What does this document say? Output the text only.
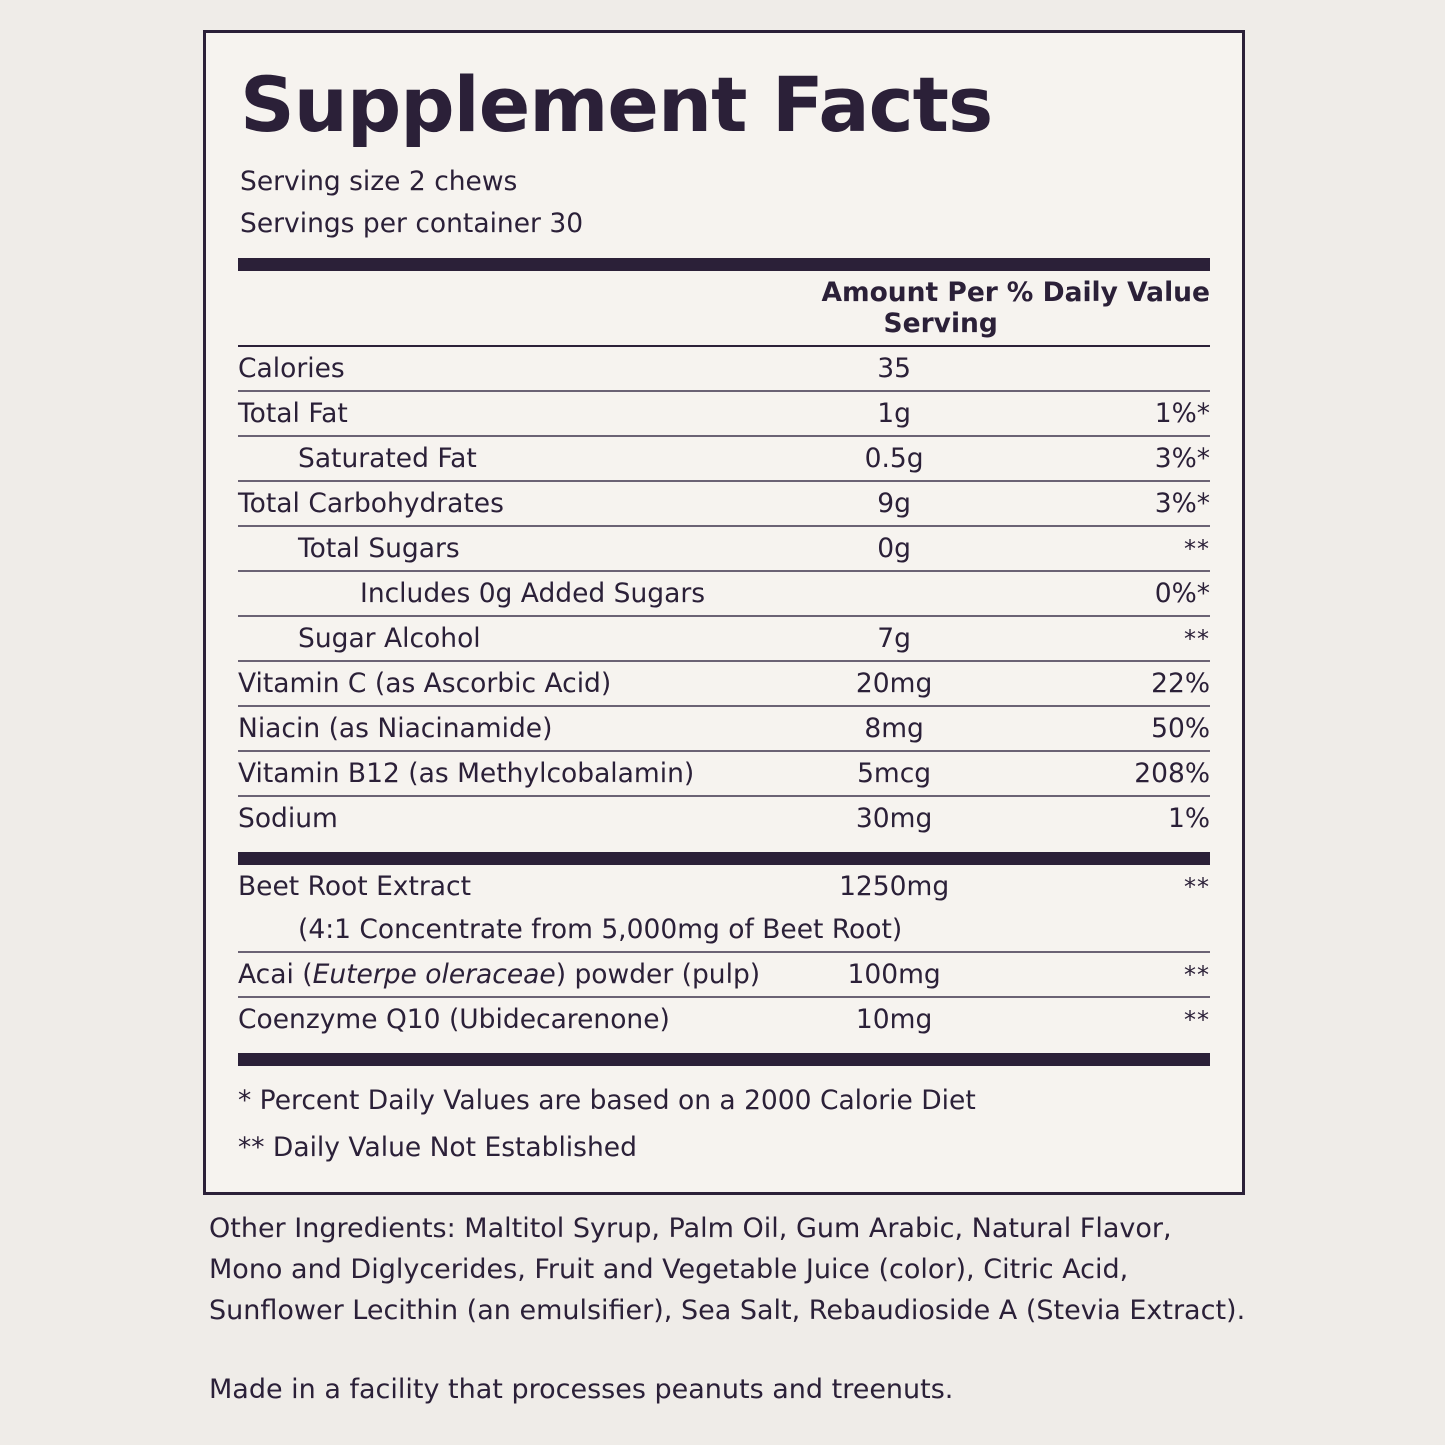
Supplement Facts
Serving size 2 chews
Servings per container 30
	Amount Per Serving	% Daily Value
Calories	35	
Total Fat	1g	1%*
Saturated Fat	0.5g	3%*
Total Carbohydrates	9g	3%*
Total Sugars	0g	**
Includes 0g Added Sugars		0%*
Sugar Alcohol	7g	**
Vitamin C (as Ascorbic Acid)	20mg	22%
Niacin (as Niacinamide)	8mg	50%
Vitamin B12 (as Methylcobalamin)	5mcg	208%
Sodium	30mg	1%
Beet Root Extract	1250mg	**
(4:1 Concentrate from 5,000mg of Beet Root)		
Acai (Euterpe oleraceae) powder (pulp)	100mg	**
Coenzyme Q10 (Ubidecarenone)	10mg	**
* Percent Daily Values are based on a 2000 Calorie Diet
** Daily Value Not Established

Other Ingredients: Maltitol Syrup, Palm Oil, Gum Arabic, Natural Flavor,

Mono and Diglycerides, Fruit and Vegetable Juice (color), Citric Acid,

Sunflower Lecithin (an emulsifier), Sea Salt, Rebaudioside A (Stevia Extract).

Made in a facility that processes peanuts and treenuts.
